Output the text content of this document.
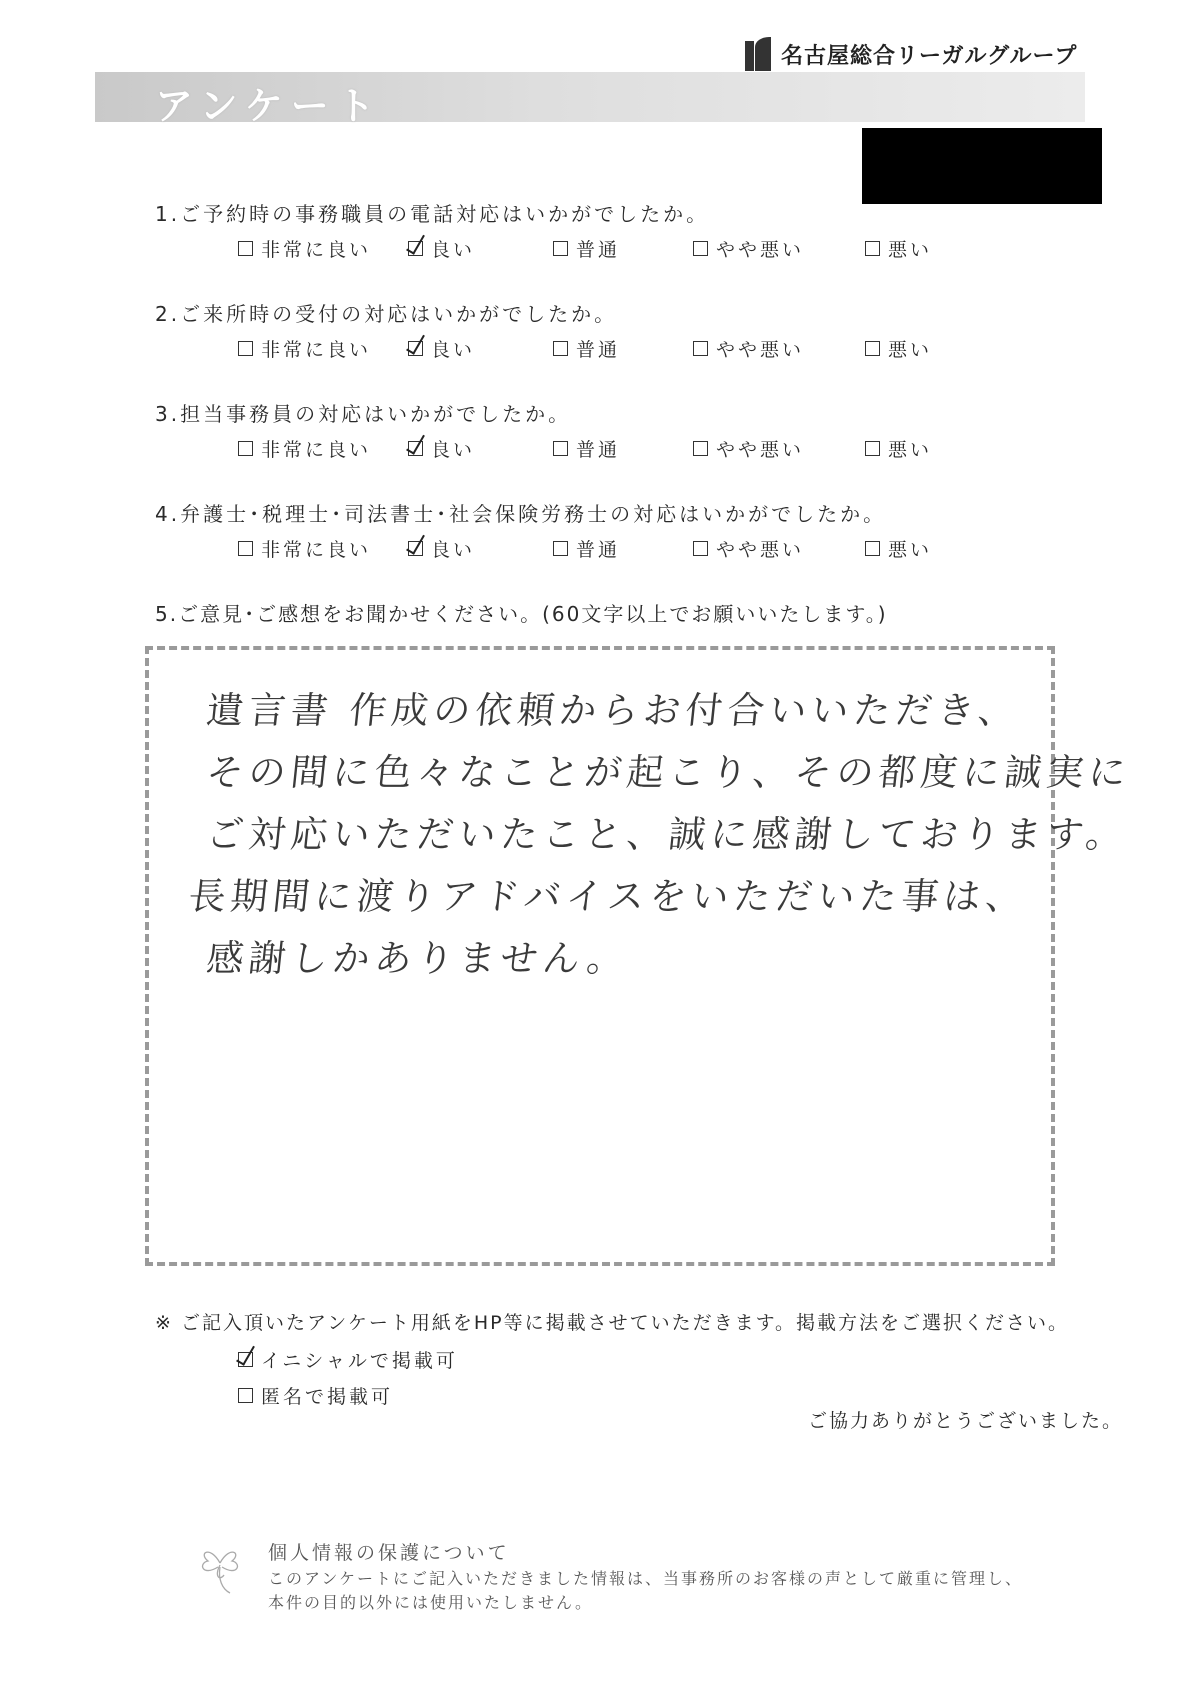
名古屋総合リーガルグループ
アンケート
1.ご予約時の事務職員の電話対応はいかがでしたか。
非常に良い	良い	普通	やや悪い	悪い
2.ご来所時の受付の対応はいかがでしたか。
非常に良い	良い	普通	やや悪い	悪い
3.担当事務員の対応はいかがでしたか。
非常に良い	良い	普通	やや悪い	悪い
4.弁護士･税理士･司法書士･社会保険労務士の対応はいかがでしたか。
非常に良い	良い	普通	やや悪い	悪い
5.ご意見･ご感想をお聞かせください。(60文字以上でお願いいたします。)
遺言書 作成の依頼からお付合いいただき、
その間に色々なことが起こり、その都度に誠実に
ご対応いただいたこと、誠に感謝しております。
長期間に渡りアドバイスをいただいた事は、
感謝しかありません。
※ ご記入頂いたアンケート用紙をHP等に掲載させていただきます。掲載方法をご選択ください。
イニシャルで掲載可
匿名で掲載可
ご協力ありがとうございました。
個人情報の保護について
このアンケートにご記入いただきました情報は、当事務所のお客様の声として厳重に管理し、
本件の目的以外には使用いたしません。
